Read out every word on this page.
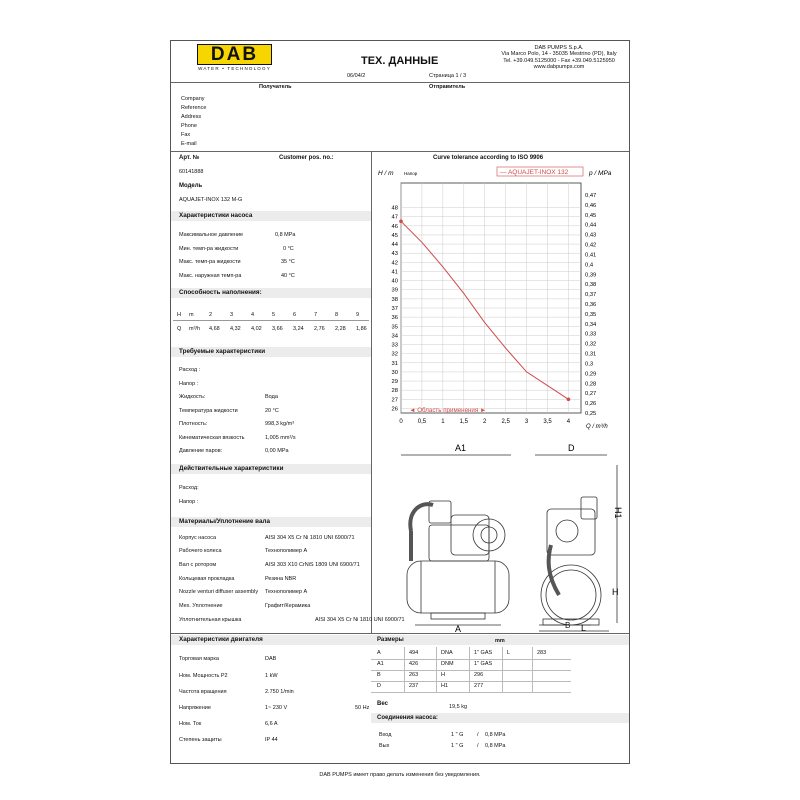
DAB
WATER • TECHNOLOGY
ТЕХ. ДАННЫЕ
06/04/2	Страница 1 / 3
DAB PUMPS S.p.A.
Via Marco Polo, 14 - 35035 Mestrino (PD), Italy
Tel. +39.049.5125000 - Fax +39.049.5125950
www.dabpumps.com
Получатель	Отправитель
Company
Reference
Address
Phone
Fax
E-mail
Арт. №	Customer pos. no.:
60141888
Модель
AQUAJET-INOX 132 M-G
Характеристики насоса
Максимальное давление	0,8 MPa
Мин. темп-ра жидкости	0 °C
Макс. темп-ра жидкости	35 °C
Макс. наружная темп-ра	40 °C
Способность наполнения:
H	m	2	3	4	5	6	7	8	9
Q	m³/h	4,68	4,32	4,02	3,66	3,24	2,76	2,28	1,86
Требуемые характеристики
Расход :
Напор :
Жидкость:	Вода
Температура жидкости	20 °C
Плотность:	998,3 kg/m³
Кинематическая вязкость	1,005 mm²/s
Давление паров:	0,00 MPa
Действительные характеристики
Расход:
Напор :
Материалы/Уплотнение вала
Корпус насоса	AISI 304 X5 Cr Ni 1810 UNI 6900/71
Рабочего колеса	Технополимер A
Вал с ротором	AISI 303 X10 CrNiS 1809 UNI 6900/71
Кольцевая прокладка	Резина NBR
Nozzle venturi diffuser assembly Технополимер A
Мех. Уплотнение	Графит/Керамика
Уплотнительная крышка	AISI 304 X5 Cr Ni 1810 UNI 6900/71
Характеристики двигателя
Торговая марка	DAB
Ном. Мощность P2	1 kW
Частота вращения	2.750 1/min
Напряжение	1~ 230 V	50 Hz
Ном. Ток	6,6 A
Степень защиты	IP 44
Размеры	mm
A	494	DNA	1" GAS	L	283
A1	426	DNM	1" GAS
B	263	H	296
D	237	H1	277
Вес	19,5 kg
Соединения насоса:
Вход	1 " G / 0,8 MPa
Вых	1 " G / 0,8 MPa
Curve tolerance according to ISO 9906
0	0,5	1	1,5	2	2,5	3	3,5	4
26
27
28
29
30
31
32
33
34
35
36
37
38
39
40
41
42
43
44
45
46
47
48
0,25
0,26
0,27
0,28
0,29
0,3
0,31
0,32
0,33
0,34
0,35
0,36
0,37
0,38
0,39
0,4
0,41
0,42
0,43
0,44
0,45
0,46
0,47
H / m	p / MPa
Q / m³/h
Напор	— AQUAJET-INOX 132
◄ Область применения ►
A1	D
H1
H
A	L
B
DAB PUMPS имеет право делать изменения без уведомления.
